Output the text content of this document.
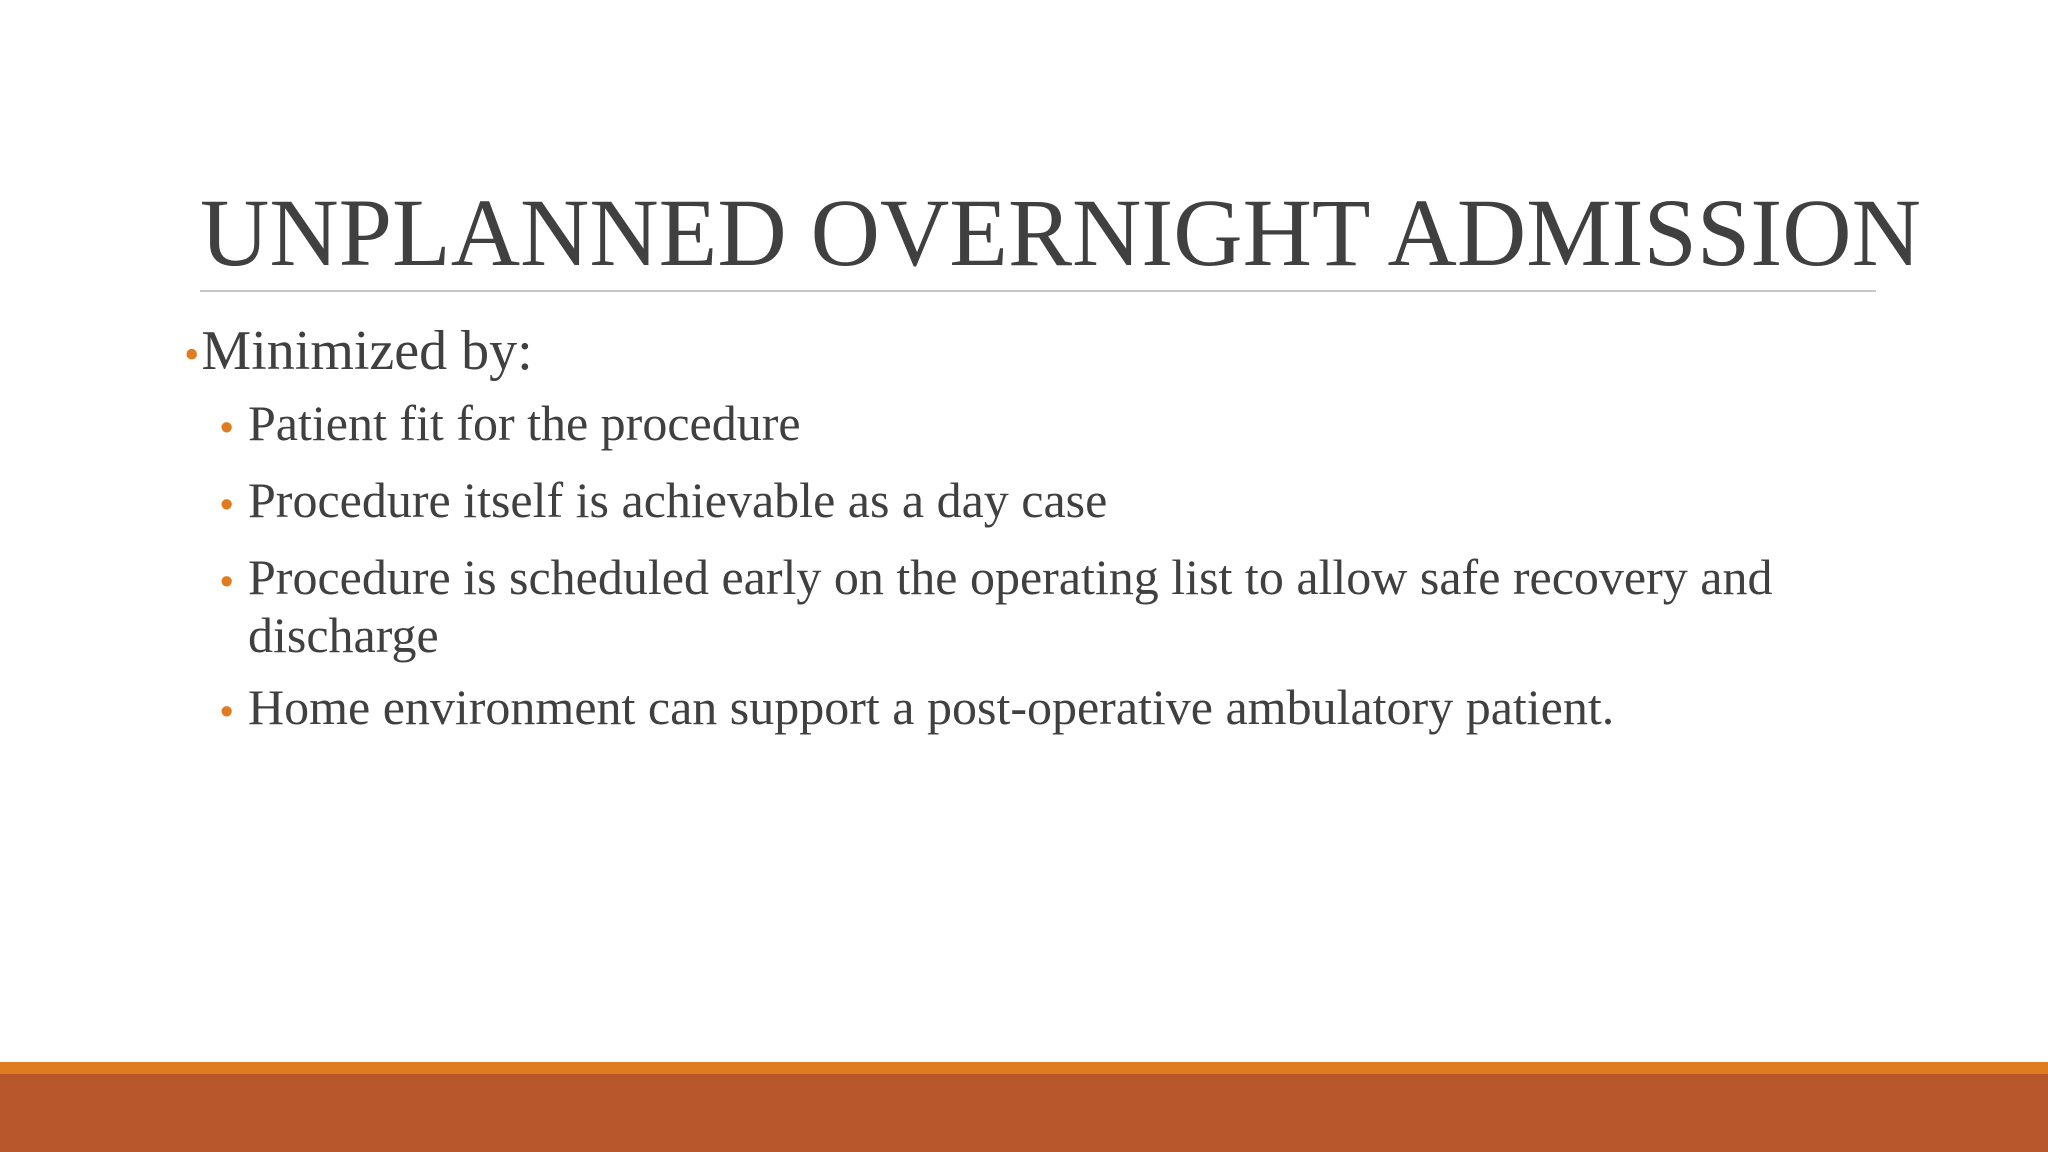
UNPLANNED OVERNIGHT ADMISSION
• Minimized by:
• Patient fit for the procedure
• Procedure itself is achievable as a day case
• Procedure is scheduled early on the operating list to allow safe recovery and discharge
• Home environment can support a post-operative ambulatory patient.
